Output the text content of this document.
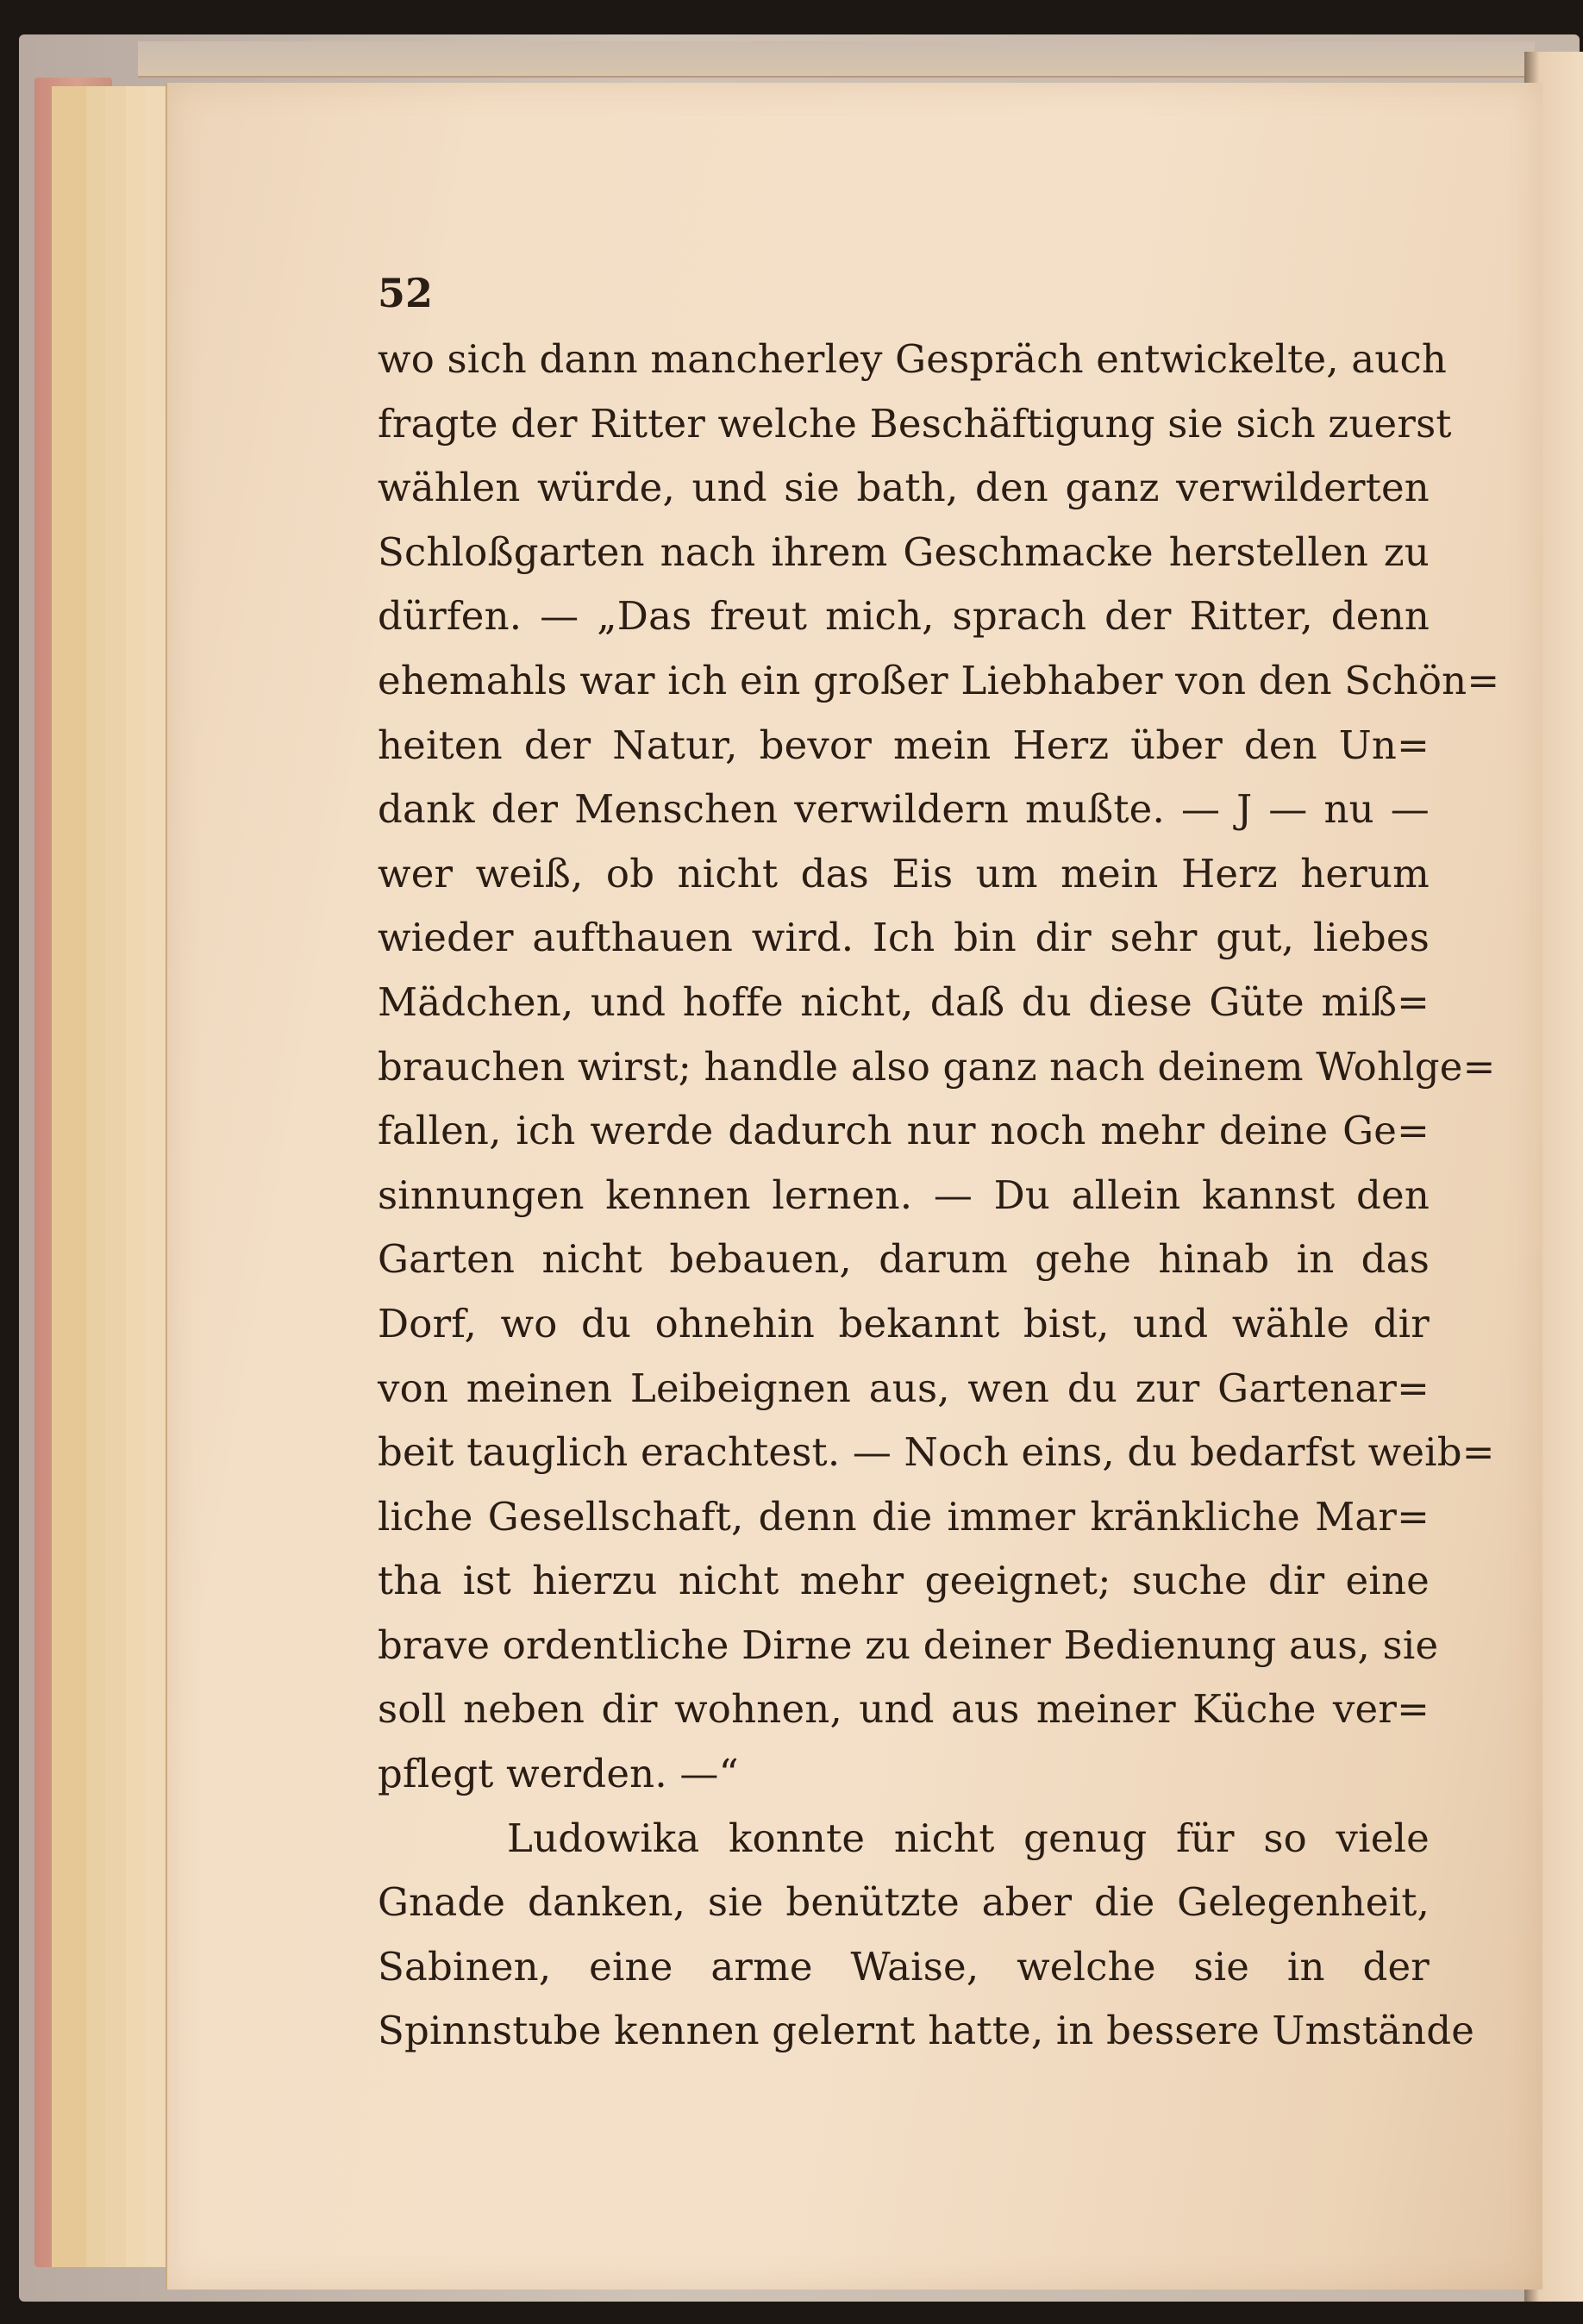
52
wo sich dann mancherley Gespräch entwickelte, auch
fragte der Ritter welche Beschäftigung sie sich zuerst
wählen würde, und sie bath, den ganz verwilderten
Schloßgarten nach ihrem Geschmacke herstellen zu
dürfen. — „Das freut mich, sprach der Ritter, denn
ehemahls war ich ein großer Liebhaber von den Schön=
heiten der Natur, bevor mein Herz über den Un=
dank der Menschen verwildern mußte. — J — nu —
wer weiß, ob nicht das Eis um mein Herz herum
wieder aufthauen wird. Ich bin dir sehr gut, liebes
Mädchen, und hoffe nicht, daß du diese Güte miß=
brauchen wirst; handle also ganz nach deinem Wohlge=
fallen, ich werde dadurch nur noch mehr deine Ge=
sinnungen kennen lernen. — Du allein kannst den
Garten nicht bebauen, darum gehe hinab in das
Dorf, wo du ohnehin bekannt bist, und wähle dir
von meinen Leibeignen aus, wen du zur Gartenar=
beit tauglich erachtest. — Noch eins, du bedarfst weib=
liche Gesellschaft, denn die immer kränkliche Mar=
tha ist hierzu nicht mehr geeignet; suche dir eine
brave ordentliche Dirne zu deiner Bedienung aus, sie
soll neben dir wohnen, und aus meiner Küche ver=
pflegt werden. —“
Ludowika konnte nicht genug für so viele
Gnade danken, sie benützte aber die Gelegenheit,
Sabinen, eine arme Waise, welche sie in der
Spinnstube kennen gelernt hatte, in bessere Umstände
